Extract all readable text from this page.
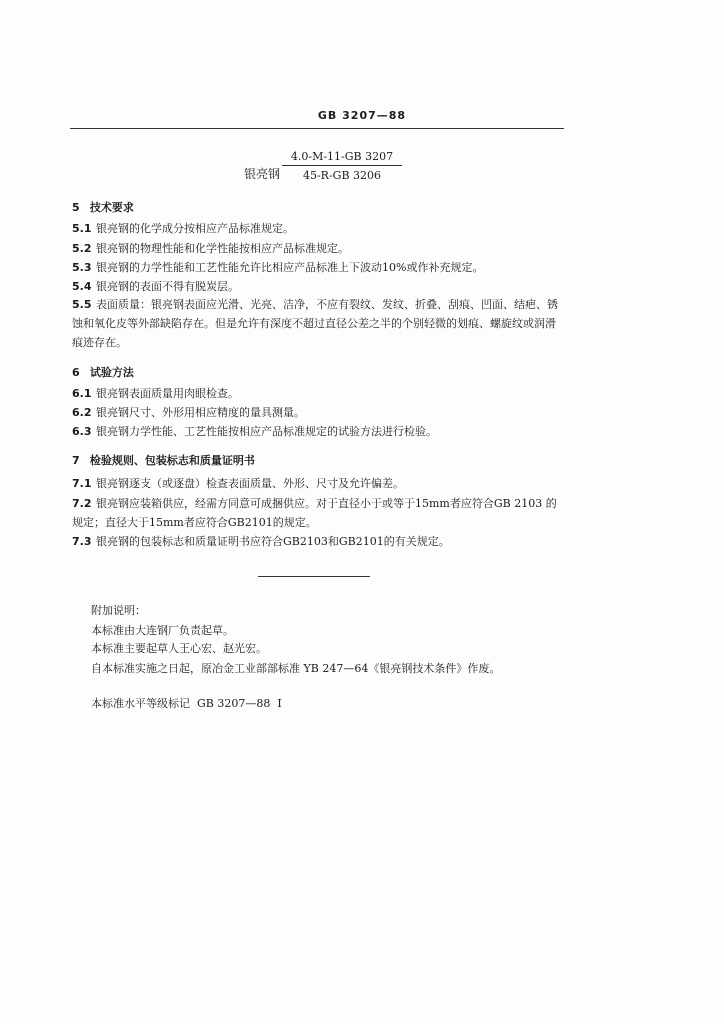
GB 3207—88
银亮钢
4.0-M-11-GB 3207
45-R-GB 3206
5 技术要求
5.1 银亮钢的化学成分按相应产品标准规定。
5.2 银亮钢的物理性能和化学性能按相应产品标准规定。
5.3 银亮钢的力学性能和工艺性能允许比相应产品标准上下波动10%或作补充规定。
5.4 银亮钢的表面不得有脱炭层。
5.5 表面质量：银亮钢表面应光滑、光亮、洁净，不应有裂纹、发纹、折叠、刮痕、凹面、结疤、锈
蚀和氧化皮等外部缺陷存在。但是允许有深度不超过直径公差之半的个别轻微的划痕、螺旋纹或润滑
痕迹存在。
6 试验方法
6.1 银亮钢表面质量用肉眼检查。
6.2 银亮钢尺寸、外形用相应精度的量具测量。
6.3 银亮钢力学性能、工艺性能按相应产品标准规定的试验方法进行检验。
7 检验规则、包装标志和质量证明书
7.1 银亮钢逐支（或逐盘）检查表面质量、外形、尺寸及允许偏差。
7.2 银亮钢应装箱供应，经需方同意可成捆供应。对于直径小于或等于15mm者应符合GB 2103 的
规定；直径大于15mm者应符合GB2101的规定。
7.3 银亮钢的包装标志和质量证明书应符合GB2103和GB2101的有关规定。
附加说明：
本标准由大连钢厂负责起草。
本标准主要起草人王心宏、赵光宏。
自本标准实施之日起，原冶金工业部部标准 YB 247—64《银亮钢技术条件》作废。
本标准水平等级标记  GB 3207—88  I
